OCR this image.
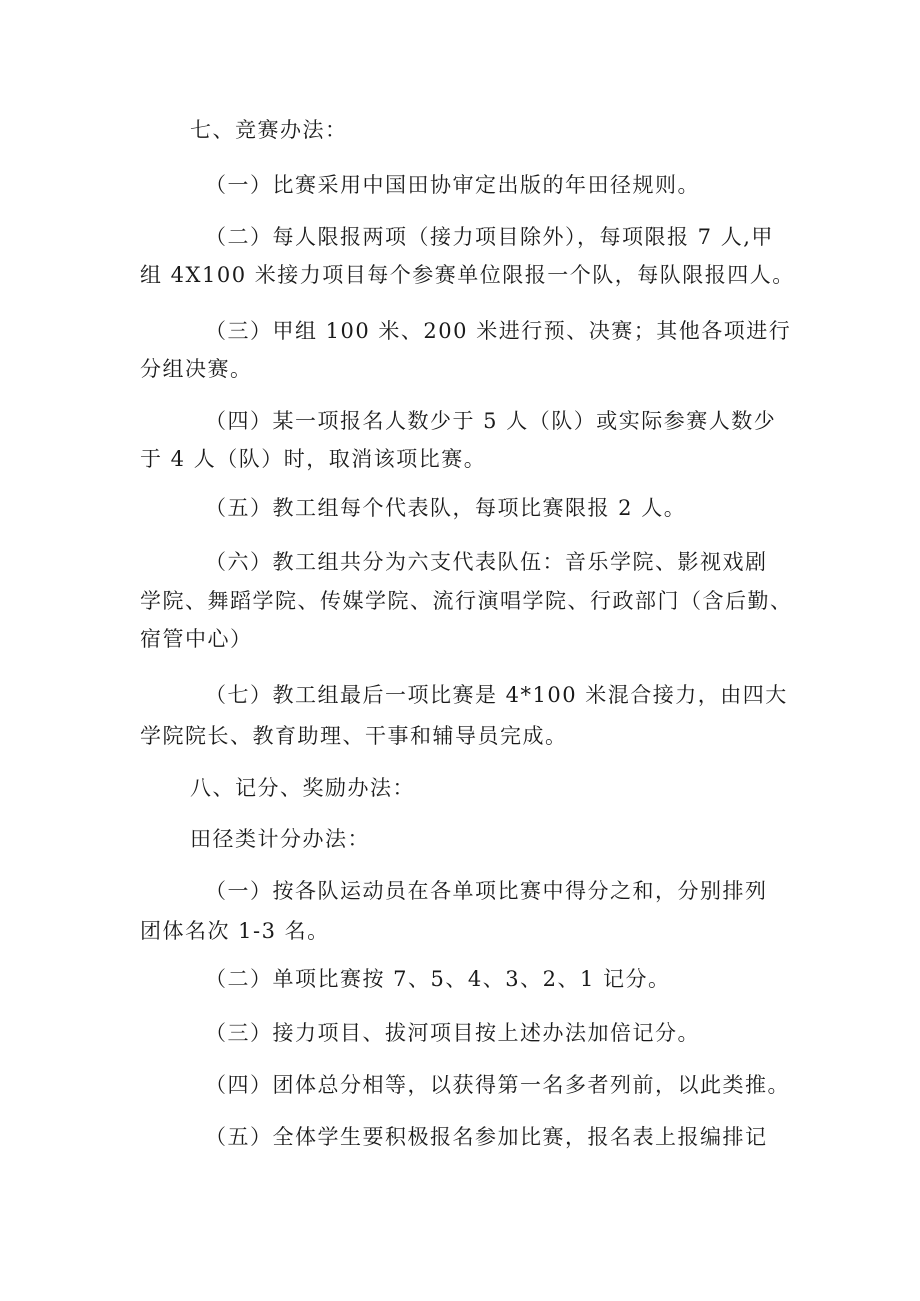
七、竞赛办法：

（一）比赛采用中国田协审定出版的年田径规则。

（二）每人限报两项（接力项目除外），每项限报 7 人,甲

组 4X100 米接力项目每个参赛单位限报一个队，每队限报四人。

（三）甲组 100 米、200 米进行预、决赛；其他各项进行

分组决赛。

（四）某一项报名人数少于 5 人（队）或实际参赛人数少

于 4 人（队）时，取消该项比赛。

（五）教工组每个代表队，每项比赛限报 2 人。

（六）教工组共分为六支代表队伍：音乐学院、影视戏剧

学院、舞蹈学院、传媒学院、流行演唱学院、行政部门（含后勤、

宿管中心）

（七）教工组最后一项比赛是 4*100 米混合接力，由四大

学院院长、教育助理、干事和辅导员完成。

八、记分、奖励办法：

田径类计分办法：

（一）按各队运动员在各单项比赛中得分之和，分别排列

团体名次 1-3 名。

（二）单项比赛按 7、5、4、3、2、1 记分。

（三）接力项目、拔河项目按上述办法加倍记分。

（四）团体总分相等，以获得第一名多者列前，以此类推。

（五）全体学生要积极报名参加比赛，报名表上报编排记
